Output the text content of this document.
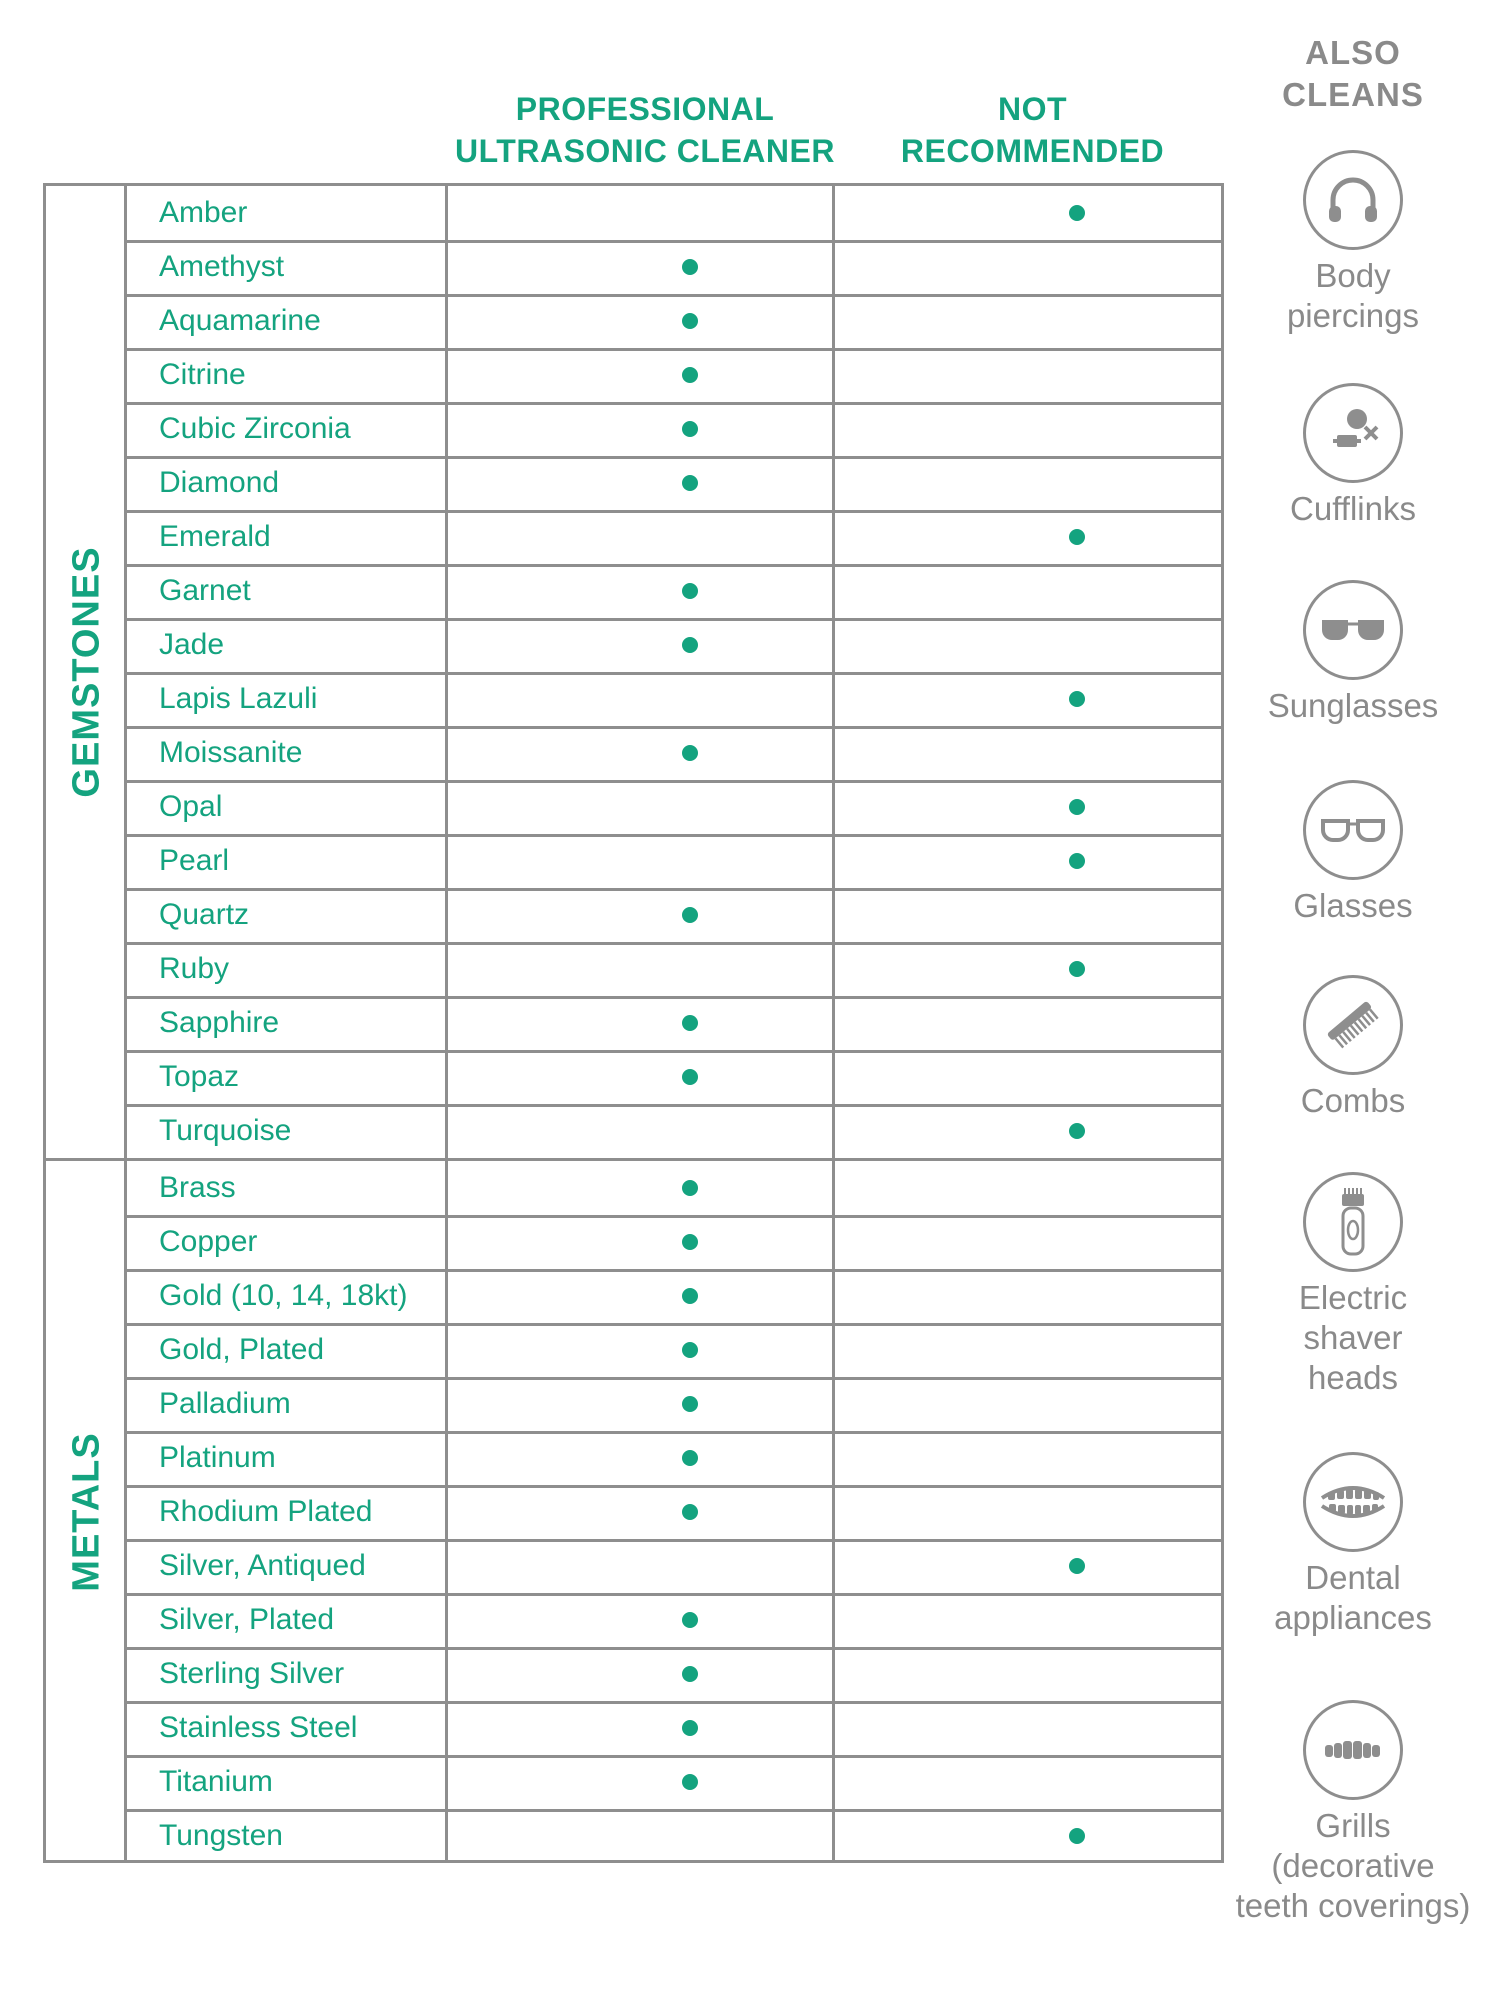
PROFESSIONAL
ULTRASONIC CLEANER
NOT
RECOMMENDED
GEMSTONES
METALS
Amber
Amethyst
Aquamarine
Citrine
Cubic Zirconia
Diamond
Emerald
Garnet
Jade
Lapis Lazuli
Moissanite
Opal
Pearl
Quartz
Ruby
Sapphire
Topaz
Turquoise
Brass
Copper
Gold (10, 14, 18kt)
Gold, Plated
Palladium
Platinum
Rhodium Plated
Silver, Antiqued
Silver, Plated
Sterling Silver
Stainless Steel
Titanium
Tungsten
ALSO
CLEANS
Body
piercings
Cufflinks
Sunglasses
Glasses
Combs
Electric
shaver
heads
Dental
appliances
Grills
(decorative
teeth coverings)
